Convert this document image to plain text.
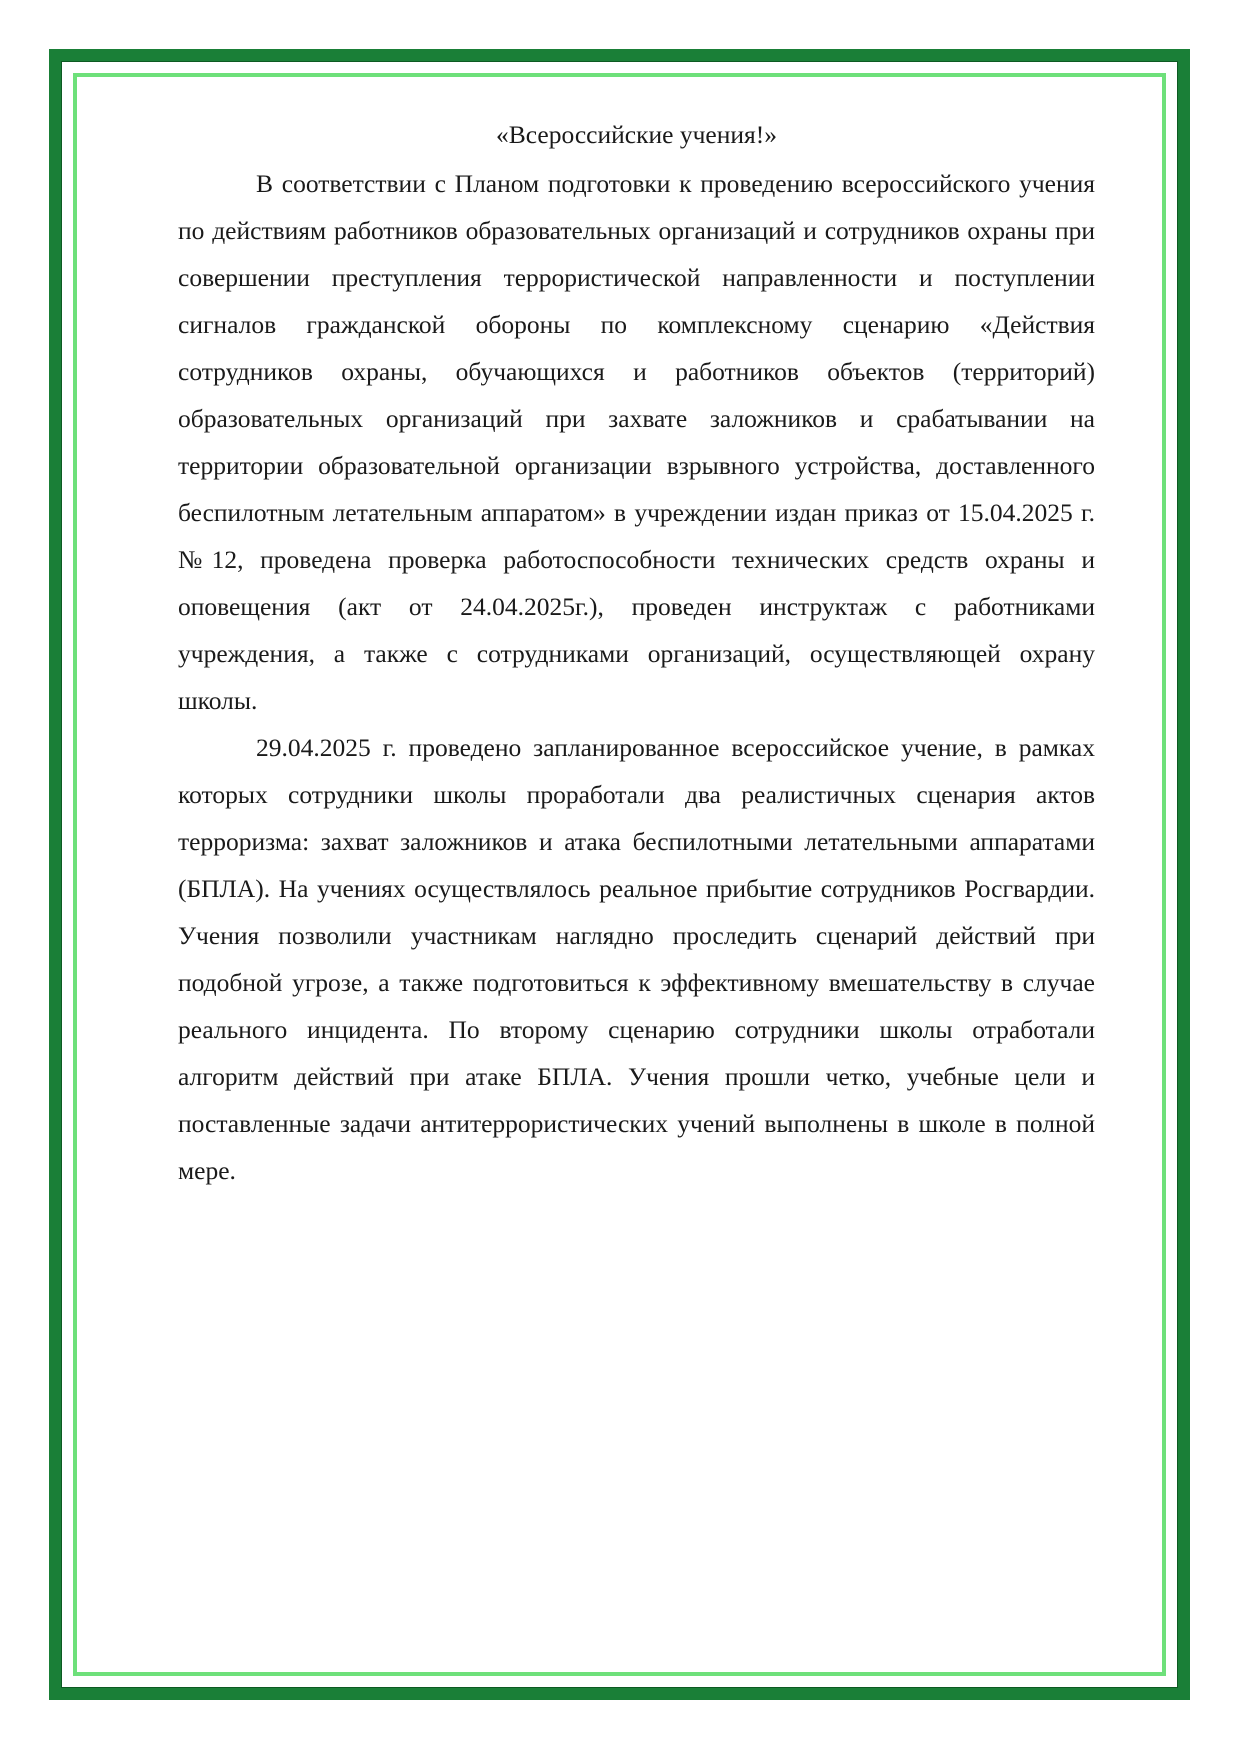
«Всероссийские учения!»

В соответствии с Планом подготовки к проведению всероссийского учения по действиям работников образовательных организаций и сотрудников охраны при совершении преступления террористической направленности и поступлении сигналов гражданской обороны по комплексному сценарию «Действия сотрудников охраны, обучающихся и работников объектов (территорий) образовательных организаций при захвате заложников и срабатывании на территории образовательной организации взрывного устройства, доставленного беспилотным летательным аппаратом» в учреждении издан приказ от 15.04.2025 г. №12, проведена проверка работоспособности технических средств охраны и оповещения (акт от 24.04.2025г.), проведен инструктаж с работниками учреждения, а также с сотрудниками организаций, осуществляющей охрану школы.

29.04.2025 г. проведено запланированное всероссийское учение, в рамках которых сотрудники школы проработали два реалистичных сценария актов терроризма: захват заложников и атака беспилотными летательными аппаратами (БПЛА). На учениях осуществлялось реальное прибытие сотрудников Росгвардии. Учения позволили участникам наглядно проследить сценарий действий при подобной угрозе, а также подготовиться к эффективному вмешательству в случае реального инцидента. По второму сценарию сотрудники школы отработали алгоритм действий при атаке БПЛА. Учения прошли четко, учебные цели и поставленные задачи антитеррористических учений выполнены в школе в полной мере.
